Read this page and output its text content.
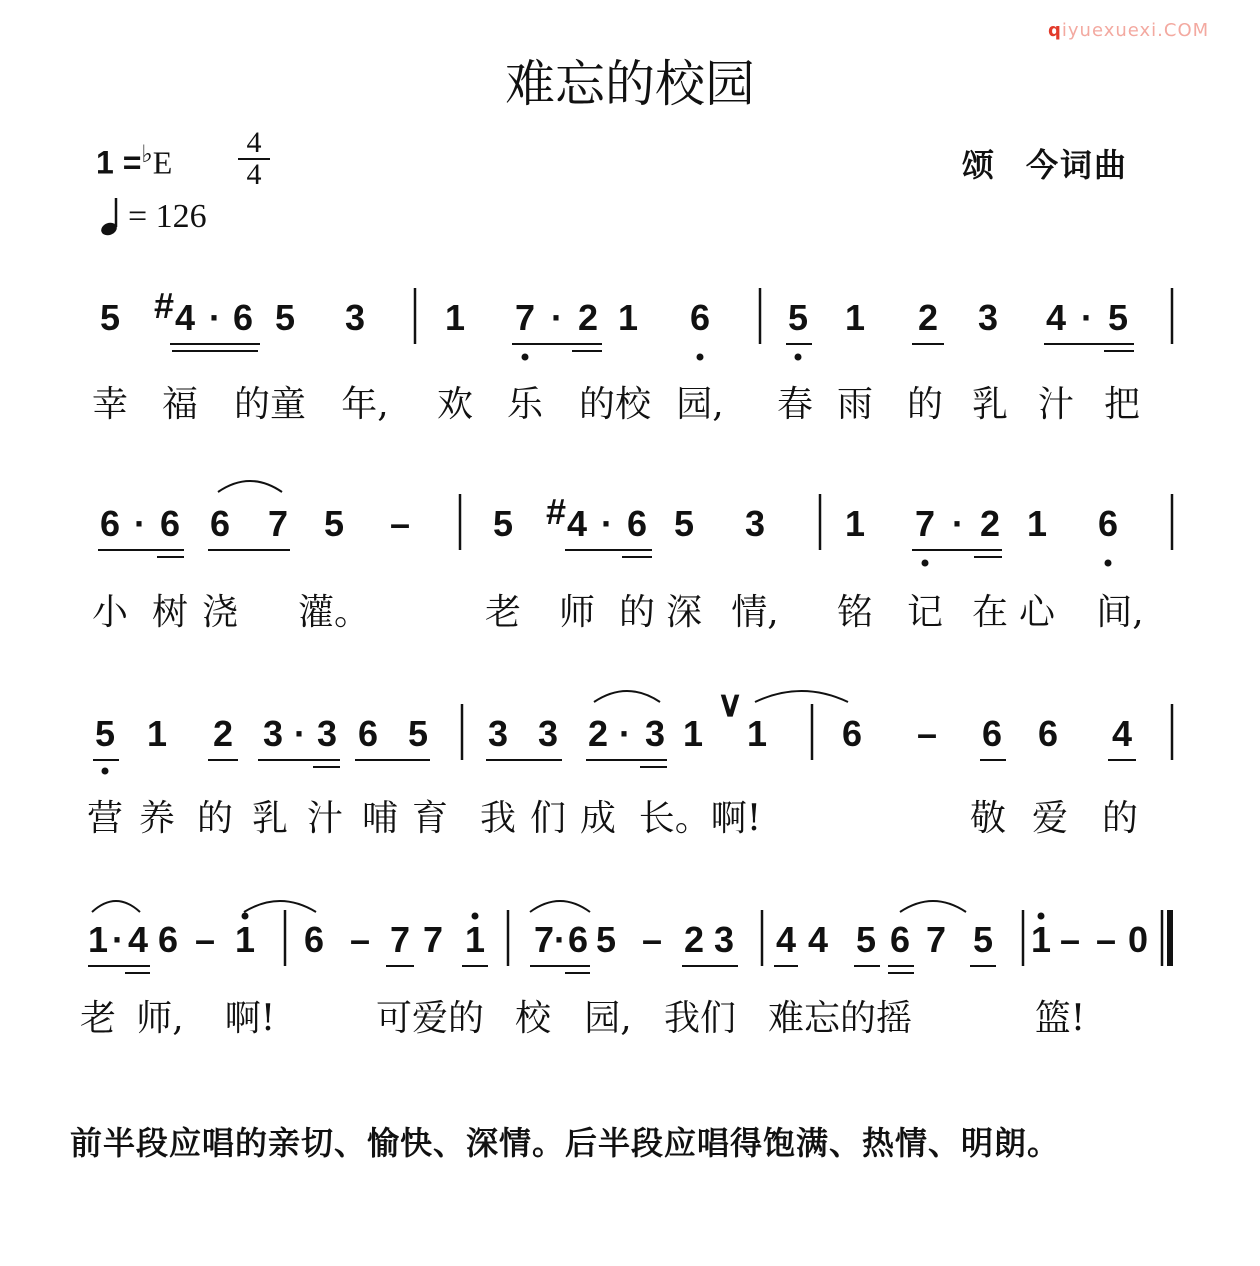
qiyuexuexi.COM
难忘的校园
1 =♭E
4
4
= 126
颂 今词曲
5 # 4 · 6 5 3 1 7 · 2 1 6 5 1 2 3 4 · 5
幸 福 的童 年, 欢 乐 的校 园, 春 雨 的 乳 汁 把
6 · 6 6 7 5 – 5 # 4 · 6 5 3 1 7 · 2 1 6
小 树 浇 灌。	老 师 的 深 情, 铭 记 在 心 间,
5 1 2 3 · 3 6 5 3 3 2 · 3 1
∨
1 6 – 6 6 4
营 养 的 乳 汁 哺 育 我 们 成 长。啊!	敬 爱 的
1 · 4 6 – 1 6 – 7 7 1 7 · 6 5 – 2 3 4 4 5 6 7 5 1 – – 0
老 师, 啊!	可爱的 校 园, 我们 难忘的摇	篮!
前半段应唱的亲切、愉快、深情。后半段应唱得饱满、热情、明朗。
